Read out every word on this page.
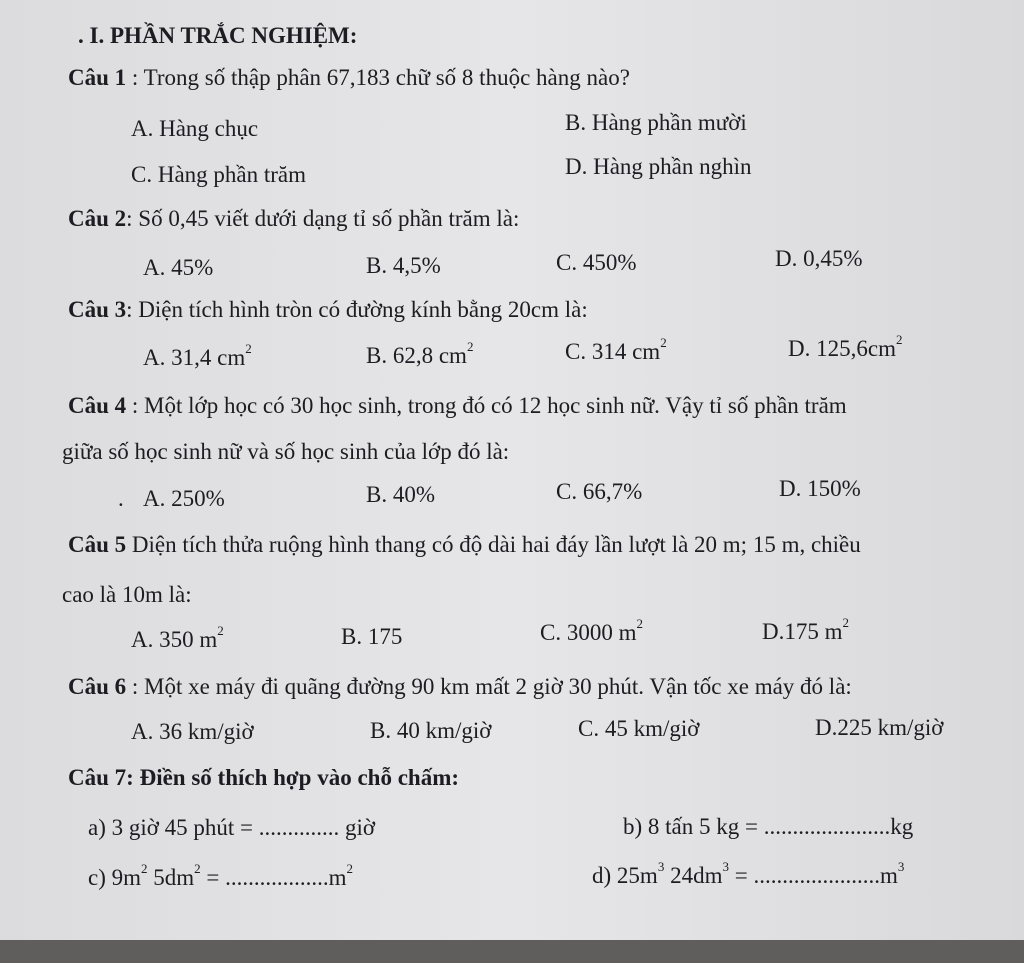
. I. PHẦN TRẮC NGHIỆM:
Câu 1 : Trong số thập phân 67,183 chữ số 8 thuộc hàng nào?
A. Hàng chục	B. Hàng phần mười
C. Hàng phần trăm	D. Hàng phần nghìn
Câu 2: Số 0,45 viết dưới dạng tỉ số phần trăm là:
A. 45%	B. 4,5%	C. 450%	D. 0,45%
Câu 3: Diện tích hình tròn có đường kính bằng 20cm là:
A. 31,4 $cm^2$	B. 62,8 $cm^2$	C. 314 $cm^2$	D. $125,6cm^2$
Câu 4 : Một lớp học có 30 học sinh, trong đó có 12 học sinh nữ. Vậy tỉ số phần trăm
giữa số học sinh nữ và số học sinh của lớp đó là:
. A. 250%	B. 40%	C. 66,7%	D. 150%
Câu 5 Diện tích thửa ruộng hình thang có độ dài hai đáy lần lượt là 20 m; 15 m, chiều
cao là 10m là:
A. 350 $m^2$	B. 175	C. 3000 $m^2$	D.175 $m^2$
Câu 6 : Một xe máy đi quãng đường 90 km mất 2 giờ 30 phút. Vận tốc xe máy đó là:
A. 36 km/giờ	B. 40 km/giờ	C. 45 km/giờ	D.225 km/giờ
Câu 7: Điền số thích hợp vào chỗ chấm:
a) 3 giờ 45 phút = .............. giờ	b) 8 tấn 5 kg = ......................kg
c) $9m^2$ $5dm^2 = ..................m^2$	d) $25m^3$ $24dm^3 = ......................m^3$
